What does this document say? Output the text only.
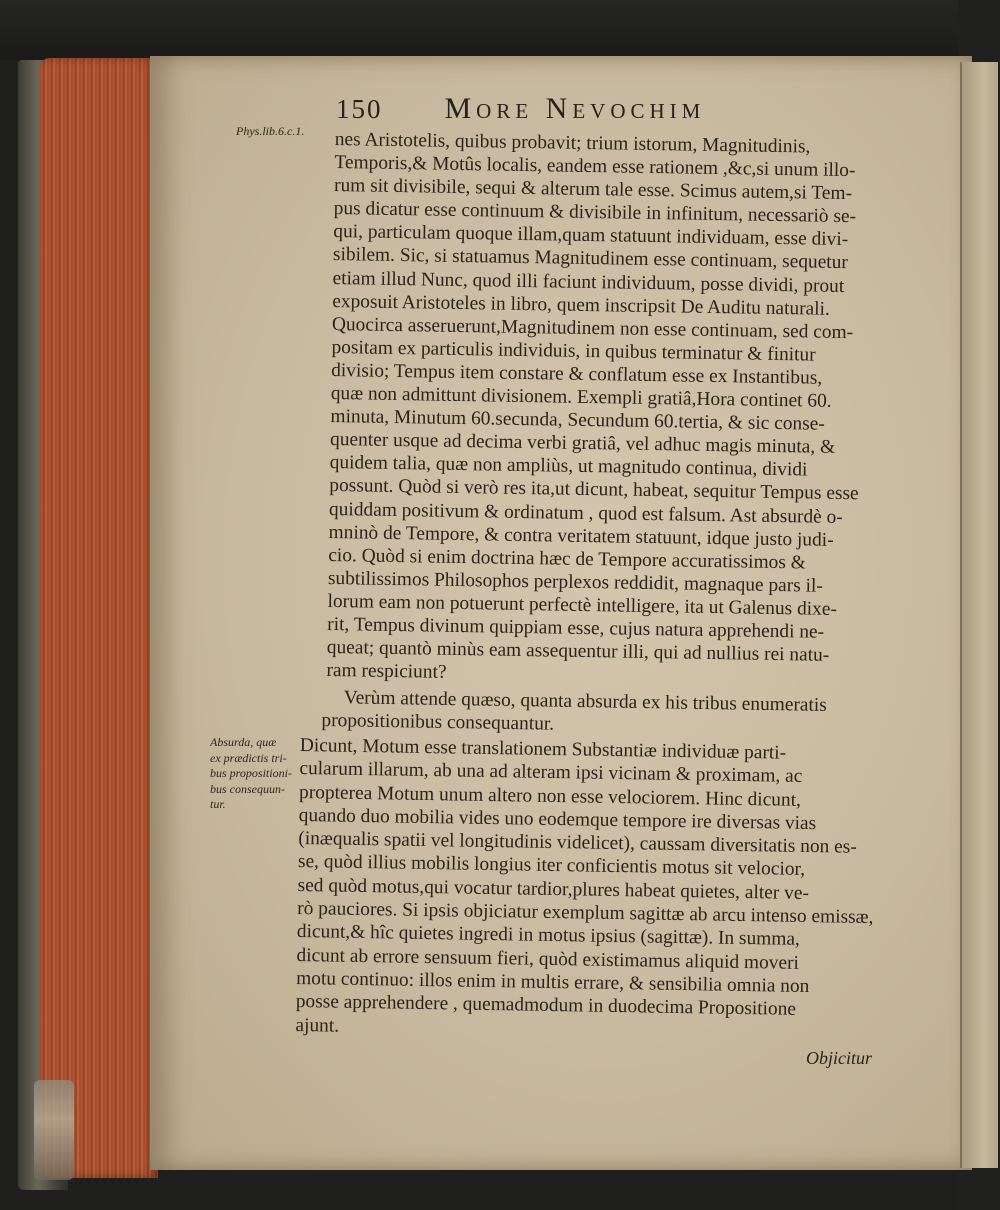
150 More Nevochim
Phys.lib.6.c.1.
Absurda, quæ
ex prædictis tri-
bus propositioni-
bus consequun-
tur.
nes Aristotelis, quibus probavit; trium istorum, Magnitudinis,
Temporis,& Motûs localis, eandem esse rationem ,&c,si unum illo-
rum sit divisibile, sequi & alterum tale esse. Scimus autem,si Tem-
pus dicatur esse continuum & divisibile in infinitum, necessariò se-
qui, particulam quoque illam,quam statuunt individuam, esse divi-
sibilem. Sic, si statuamus Magnitudinem esse continuam, sequetur
etiam illud Nunc, quod illi faciunt individuum, posse dividi, prout
exposuit Aristoteles in libro, quem inscripsit De Auditu naturali.
Quocirca asseruerunt,Magnitudinem non esse continuam, sed com-
positam ex particulis individuis, in quibus terminatur & finitur
divisio; Tempus item constare & conflatum esse ex Instantibus,
quæ non admittunt divisionem. Exempli gratiâ,Hora continet 60.
minuta, Minutum 60.secunda, Secundum 60.tertia, & sic conse-
quenter usque ad decima verbi gratiâ, vel adhuc magis minuta, &
quidem talia, quæ non ampliùs, ut magnitudo continua, dividi
possunt. Quòd si verò res ita,ut dicunt, habeat, sequitur Tempus esse
quiddam positivum & ordinatum , quod est falsum. Ast absurdè o-
mninò de Tempore, & contra veritatem statuunt, idque justo judi-
cio. Quòd si enim doctrina hæc de Tempore accuratissimos &
subtilissimos Philosophos perplexos reddidit, magnaque pars il-
lorum eam non potuerunt perfectè intelligere, ita ut Galenus dixe-
rit, Tempus divinum quippiam esse, cujus natura apprehendi ne-
queat; quantò minùs eam assequentur illi, qui ad nullius rei natu-
ram respiciunt?
Verùm attende quæso, quanta absurda ex his tribus enumeratis
propositionibus consequantur.
Dicunt, Motum esse translationem Substantiæ individuæ parti-
cularum illarum, ab una ad alteram ipsi vicinam & proximam, ac
propterea Motum unum altero non esse velociorem. Hinc dicunt,
quando duo mobilia vides uno eodemque tempore ire diversas vias
(inæqualis spatii vel longitudinis videlicet), caussam diversitatis non es-
se, quòd illius mobilis longius iter conficientis motus sit velocior,
sed quòd motus,qui vocatur tardior,plures habeat quietes, alter ve-
rò pauciores. Si ipsis objiciatur exemplum sagittæ ab arcu intenso emissæ,
dicunt,& hîc quietes ingredi in motus ipsius (sagittæ). In summa,
dicunt ab errore sensuum fieri, quòd existimamus aliquid moveri
motu continuo: illos enim in multis errare, & sensibilia omnia non
posse apprehendere , quemadmodum in duodecima Propositione
ajunt.
Objicitur
